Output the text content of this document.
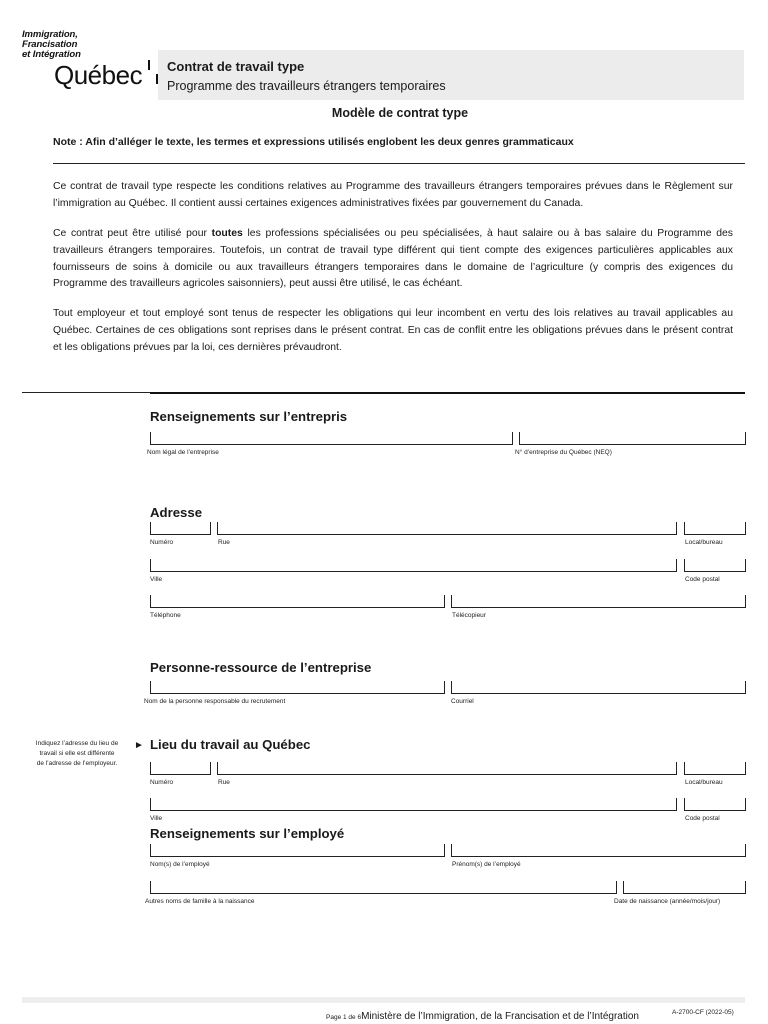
Immigration,
Francisation
et Intégration
Québec Contrat de travail type
Programme des travailleurs étrangers temporaires
Modèle de contrat type
Note : Afin d’alléger le texte, les termes et expressions utilisés englobent les deux genres grammaticaux
Ce contrat de travail type respecte les conditions relatives au Programme des travailleurs étrangers temporaires prévues dans le Règlement sur l’immigration au Québec. Il contient aussi certaines exigences administratives fixées par gouvernement du Canada.
Ce contrat peut être utilisé pour toutes les professions spécialisées ou peu spécialisées, à haut salaire ou à bas salaire du Programme des travailleurs étrangers temporaires. Toutefois, un contrat de travail type différent qui tient compte des exigences particulières applicables aux fournisseurs de soins à domicile ou aux travailleurs étrangers temporaires dans le domaine de l’agriculture (y compris des exigences du Programme des travailleurs agricoles saisonniers), peut aussi être utilisé, le cas échéant.
Tout employeur et tout employé sont tenus de respecter les obligations qui leur incombent en vertu des lois relatives au travail applicables au Québec. Certaines de ces obligations sont reprises dans le présent contrat. En cas de conflit entre les obligations prévues dans le présent contrat et les obligations prévues par la loi, ces dernières prévaudront.
Renseignements sur l’entrepris
Nom légal de l’entreprise	N° d’entreprise du Québec (NEQ)
Adresse
Numéro	Rue	Local/bureau
Ville	Code postal
Téléphone	Télécopieur
Personne-ressource de l’entreprise
Nom de la personne responsable du recrutement	Courriel
Indiquez l’adresse du lieu de
travail si elle est différente
de l’adresse de l’employeur.
► Lieu du travail au Québec
Numéro	Rue	Local/bureau
Ville	Code postal
Renseignements sur l’employé
Nom(s) de l’employé	Prénom(s) de l’employé
Autres noms de famille à la naissance	Date de naissance (année/mois/jour)
Page 1 de 6Ministère de l’Immigration, de la Francisation et de l’Intégration	A-2700-CF (2022-05)
